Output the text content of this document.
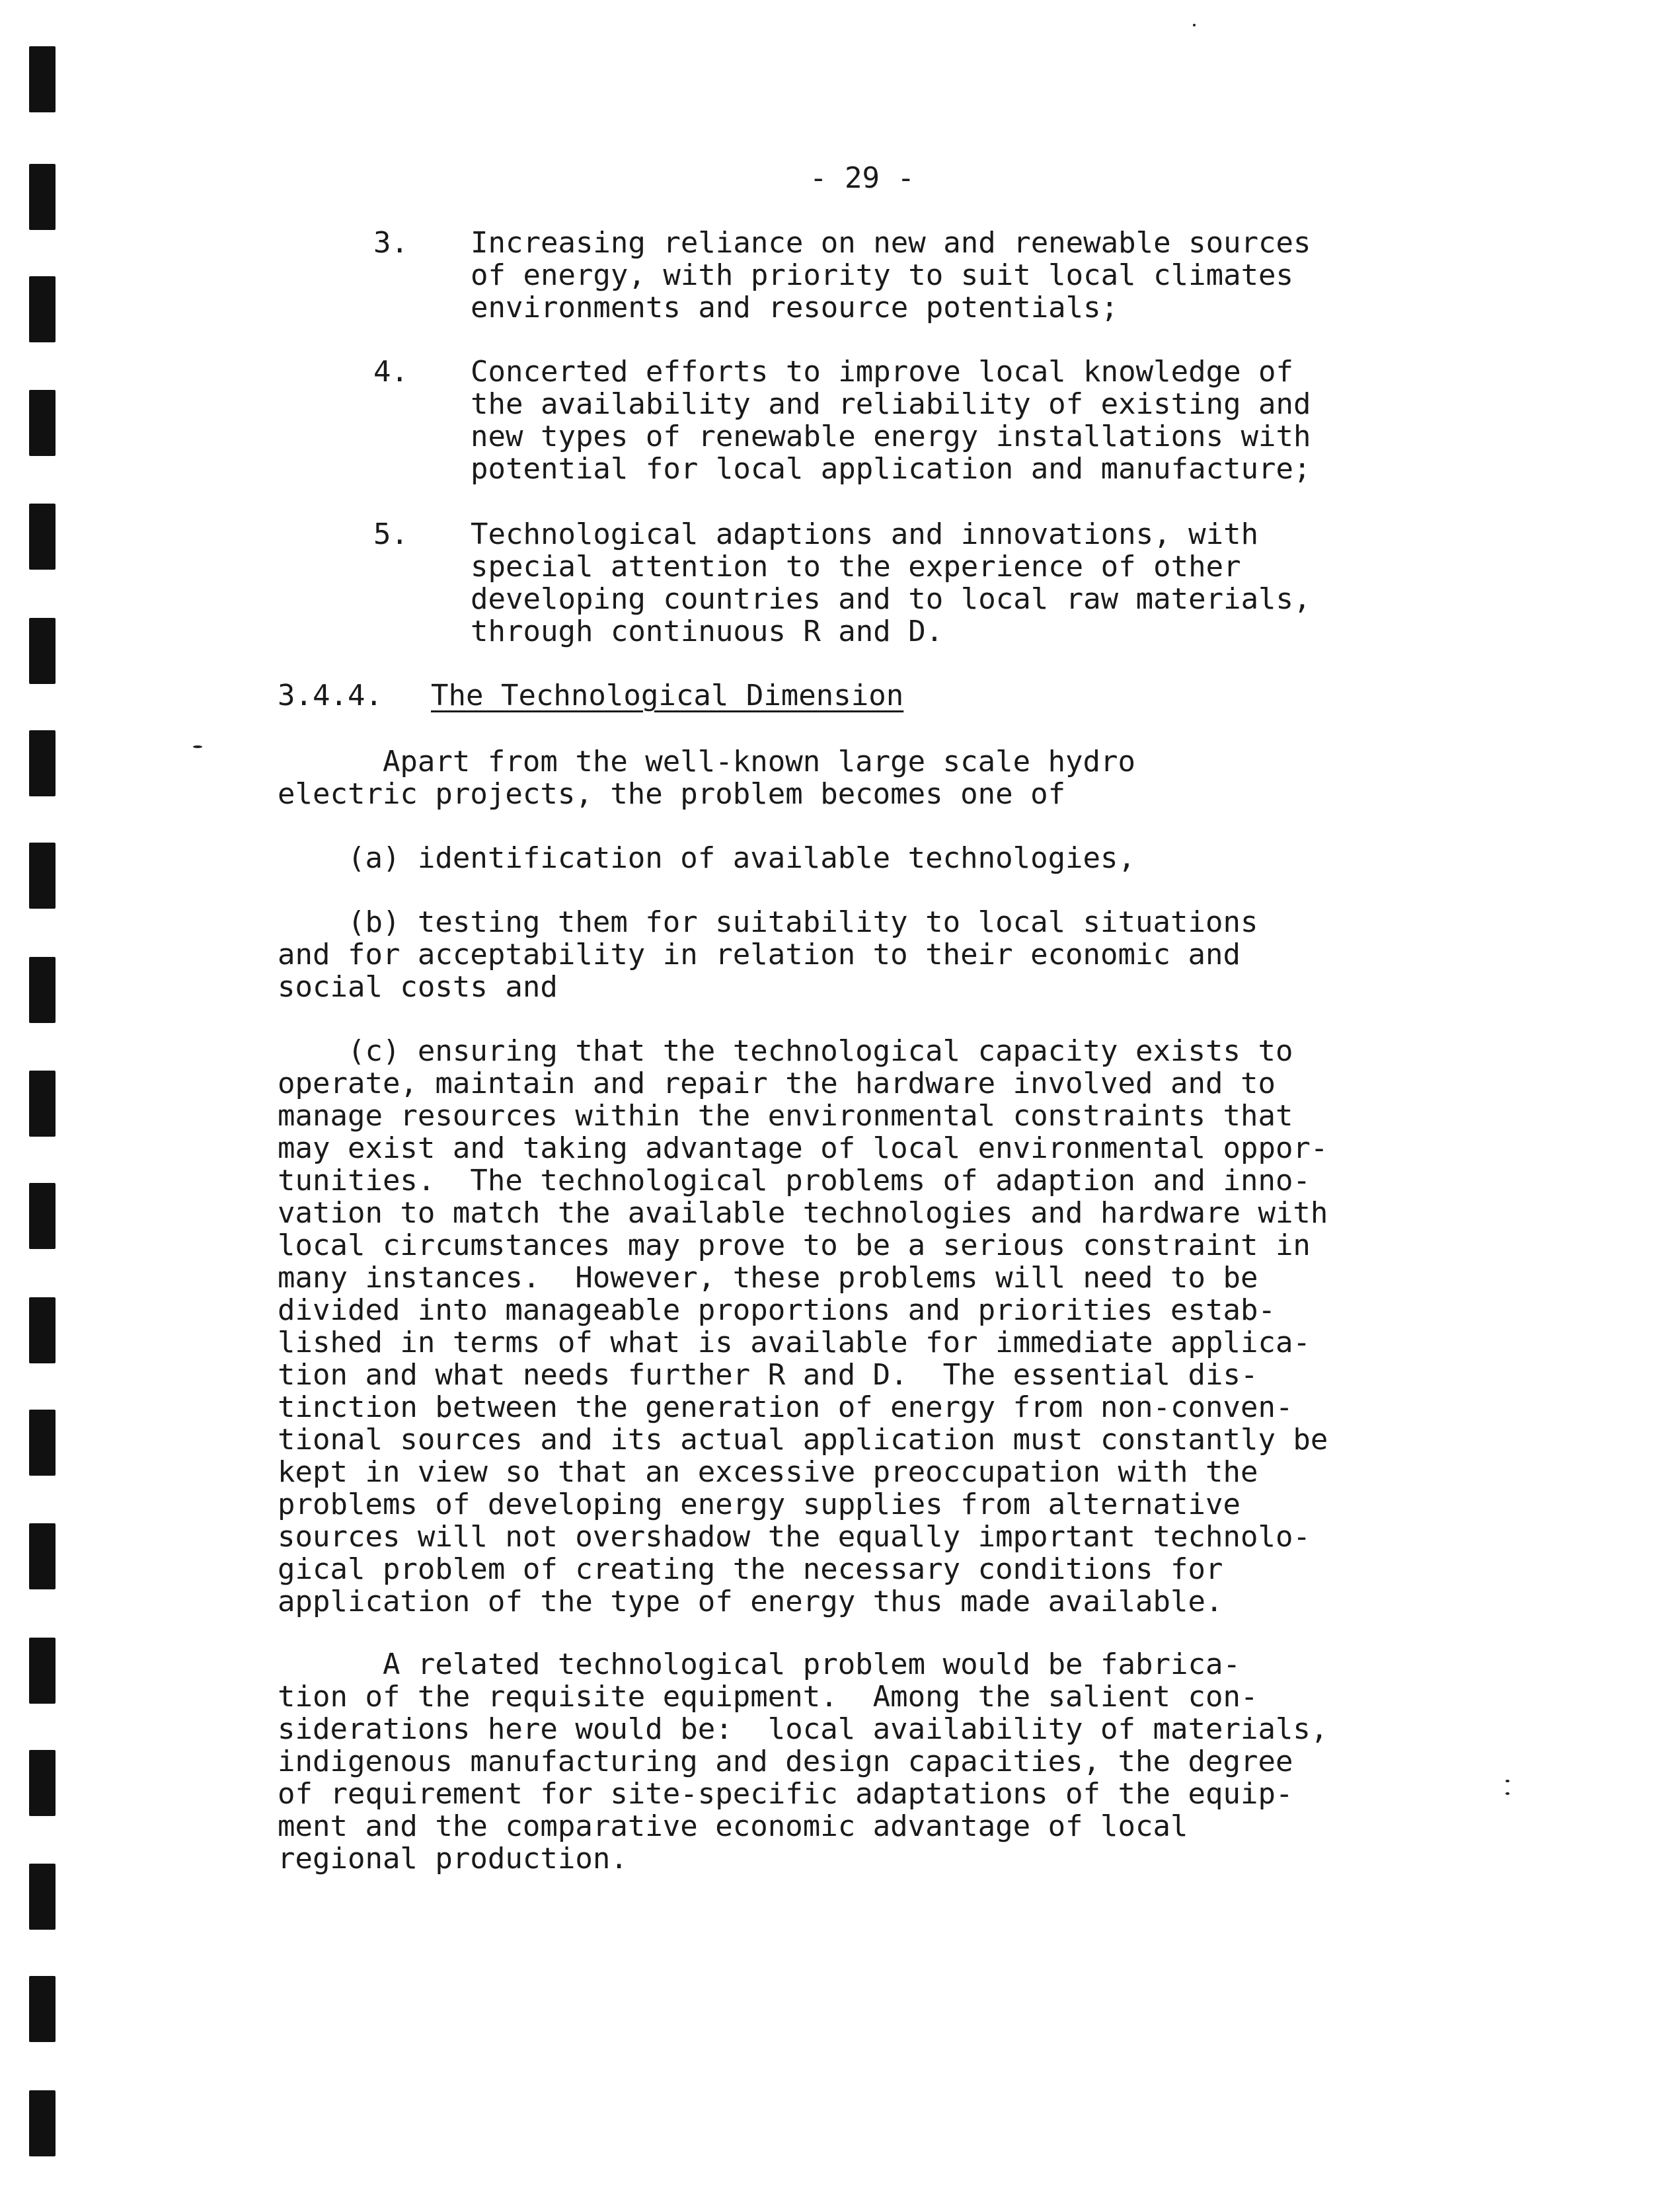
- 29 -
3. Increasing reliance on new and renewable sources
of energy, with priority to suit local climates
environments and resource potentials;
4. Concerted efforts to improve local knowledge of
the availability and reliability of existing and
new types of renewable energy installations with
potential for local application and manufacture;
5. Technological adaptions and innovations, with
special attention to the experience of other
developing countries and to local raw materials,
through continuous R and D.
3.4.4. The Technological Dimension
Apart from the well-known large scale hydro
electric projects, the problem becomes one of
(a) identification of available technologies,
(b) testing them for suitability to local situations
and for acceptability in relation to their economic and
social costs and
(c) ensuring that the technological capacity exists to
operate, maintain and repair the hardware involved and to
manage resources within the environmental constraints that
may exist and taking advantage of local environmental oppor-
tunities.  The technological problems of adaption and inno-
vation to match the available technologies and hardware with
local circumstances may prove to be a serious constraint in
many instances.  However, these problems will need to be
divided into manageable proportions and priorities estab-
lished in terms of what is available for immediate applica-
tion and what needs further R and D.  The essential dis-
tinction between the generation of energy from non-conven-
tional sources and its actual application must constantly be
kept in view so that an excessive preoccupation with the
problems of developing energy supplies from alternative
sources will not overshadow the equally important technolo-
gical problem of creating the necessary conditions for
application of the type of energy thus made available.
A related technological problem would be fabrica-
tion of the requisite equipment.  Among the salient con-
siderations here would be:  local availability of materials,
indigenous manufacturing and design capacities, the degree
of requirement for site-specific adaptations of the equip-
ment and the comparative economic advantage of local
regional production.
